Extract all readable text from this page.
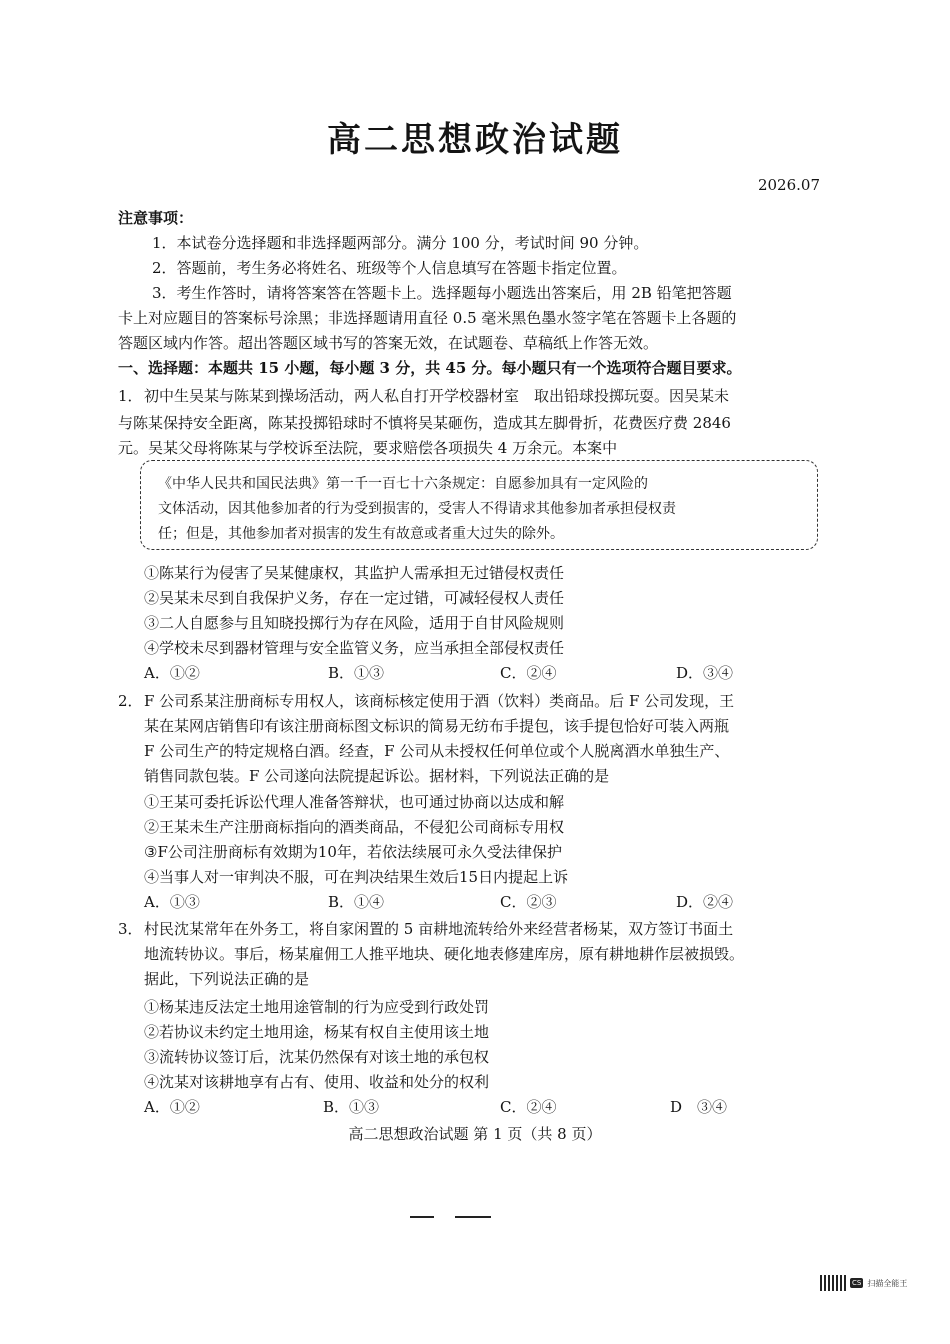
高二思想政治试题
2026.07
注意事项：
1．本试卷分选择题和非选择题两部分。满分 100 分，考试时间 90 分钟。
2．答题前，考生务必将姓名、班级等个人信息填写在答题卡指定位置。
3．考生作答时，请将答案答在答题卡上。选择题每小题选出答案后，用 2B 铅笔把答题
卡上对应题目的答案标号涂黑；非选择题请用直径 0.5 毫米黑色墨水签字笔在答题卡上各题的
答题区域内作答。超出答题区域书写的答案无效，在试题卷、草稿纸上作答无效。
一、选择题：本题共 15 小题，每小题 3 分，共 45 分。每小题只有一个选项符合题目要求。
1． 初中生吴某与陈某到操场活动，两人私自打开学校器材室　取出铅球投掷玩耍。因吴某未
与陈某保持安全距离，陈某投掷铅球时不慎将吴某砸伤，造成其左脚骨折，花费医疗费 2846
元。吴某父母将陈某与学校诉至法院，要求赔偿各项损失 4 万余元。本案中
《中华人民共和国民法典》第一千一百七十六条规定：自愿参加具有一定风险的
文体活动，因其他参加者的行为受到损害的，受害人不得请求其他参加者承担侵权责
任；但是，其他参加者对损害的发生有故意或者重大过失的除外。
①陈某行为侵害了吴某健康权，其监护人需承担无过错侵权责任
②吴某未尽到自我保护义务，存在一定过错，可减轻侵权人责任
③二人自愿参与且知晓投掷行为存在风险，适用于自甘风险规则
④学校未尽到器材管理与安全监管义务，应当承担全部侵权责任
A．①②	B．①③	C．②④	D．③④
2． F 公司系某注册商标专用权人，该商标核定使用于酒（饮料）类商品。后 F 公司发现，王
某在某网店销售印有该注册商标图文标识的简易无纺布手提包，该手提包恰好可装入两瓶
F 公司生产的特定规格白酒。经查，F 公司从未授权任何单位或个人脱离酒水单独生产、
销售同款包装。F 公司遂向法院提起诉讼。据材料，下列说法正确的是
①王某可委托诉讼代理人准备答辩状，也可通过协商以达成和解
②王某未生产注册商标指向的酒类商品，不侵犯公司商标专用权
③F公司注册商标有效期为10年，若依法续展可永久受法律保护
④当事人对一审判决不服，可在判决结果生效后15日内提起上诉
A．①③	B．①④	C．②③	D．②④
3． 村民沈某常年在外务工，将自家闲置的 5 亩耕地流转给外来经营者杨某，双方签订书面土
地流转协议。事后，杨某雇佣工人推平地块、硬化地表修建库房，原有耕地耕作层被损毁。
据此，下列说法正确的是
①杨某违反法定土地用途管制的行为应受到行政处罚
②若协议未约定土地用途，杨某有权自主使用该土地
③流转协议签订后，沈某仍然保有对该土地的承包权
④沈某对该耕地享有占有、使用、收益和处分的权利
A．①②	B．①③	C．②④	D　③④
高二思想政治试题 第 1 页（共 8 页）
CS 扫描全能王
